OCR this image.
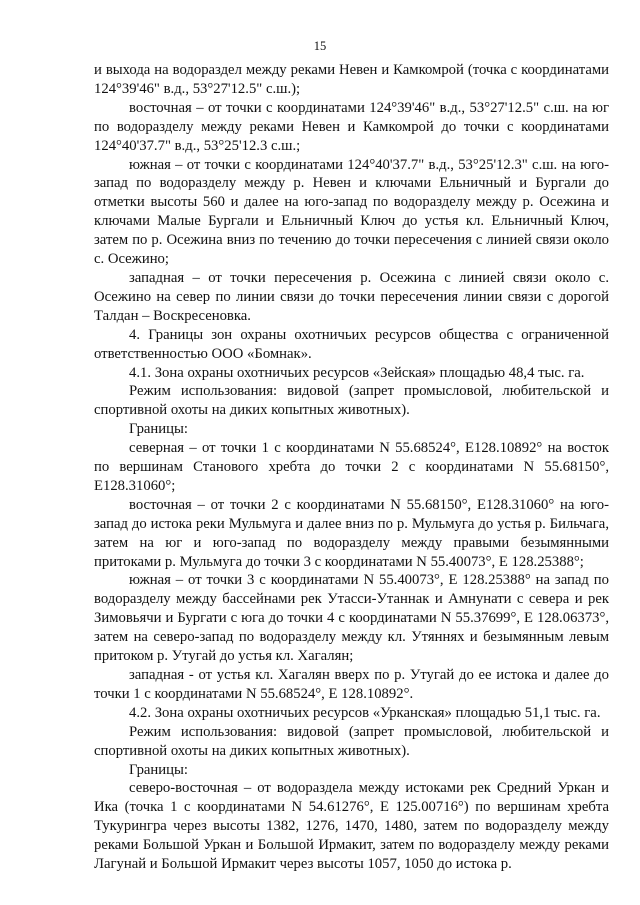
15

и выхода на водораздел между реками Невен и Камкомрой (точка с координатами 124°39'46" в.д., 53°27'12.5" с.ш.);

восточная – от точки с координатами 124°39'46" в.д., 53°27'12.5" с.ш. на юг по водоразделу между реками Невен и Камкомрой до точки с координатами 124°40'37.7" в.д., 53°25'12.3 с.ш.;

южная – от точки с координатами 124°40'37.7" в.д., 53°25'12.3" с.ш. на юго-запад по водоразделу между р. Невен и ключами Ельничный и Бургали до отметки высоты 560 и далее на юго-запад по водоразделу между р. Осежина и ключами Малые Бургали и Ельничный Ключ до устья кл. Ельничный Ключ, затем по р. Осежина вниз по течению до точки пересечения с линией связи около с. Осежино;

западная – от точки пересечения р. Осежина с линией связи около с. Осежино на север по линии связи до точки пересечения линии связи с дорогой Талдан – Воскресеновка.

4. Границы зон охраны охотничьих ресурсов общества с ограниченной ответственностью ООО «Бомнак».

4.1. Зона охраны охотничьих ресурсов «Зейская» площадью 48,4 тыс. га.

Режим использования: видовой (запрет промысловой, любительской и спортивной охоты на диких копытных животных).

Границы:

северная – от точки 1 с координатами N 55.68524°, E128.10892° на восток по вершинам Станового хребта до точки 2 с координатами N 55.68150°, E128.31060°;

восточная – от точки 2 с координатами N 55.68150°, E128.31060° на юго-запад до истока реки Мульмуга и далее вниз по р. Мульмуга до устья р. Бильчага, затем на юг и юго-запад по водоразделу между правыми безымянными притоками р. Мульмуга до точки 3 с координатами N 55.40073°, E 128.25388°;

южная – от точки 3 с координатами N 55.40073°, E 128.25388° на запад по водоразделу между бассейнами рек Утасси-Утаннак и Амнунати с севера и рек Зимовьячи и Бургати с юга до точки 4 с координатами N 55.37699°, E 128.06373°, затем на северо-запад по водоразделу между кл. Утяннях и безымянным левым притоком р. Утугай до устья кл. Хагалян;

западная - от устья кл. Хагалян вверх по р. Утугай до ее истока и далее до точки 1 с координатами N 55.68524°, E 128.10892°.

4.2. Зона охраны охотничьих ресурсов «Урканская» площадью 51,1 тыс. га.

Режим использования: видовой (запрет промысловой, любительской и спортивной охоты на диких копытных животных).

Границы:

северо-восточная – от водораздела между истоками рек Средний Уркан и Ика (точка 1 с координатами N 54.61276°, E 125.00716°) по вершинам хребта Тукурингра через высоты 1382, 1276, 1470, 1480, затем по водоразделу между реками Большой Уркан и Большой Ирмакит, затем по водоразделу между реками Лагунай и Большой Ирмакит через высоты 1057, 1050 до истока р.
